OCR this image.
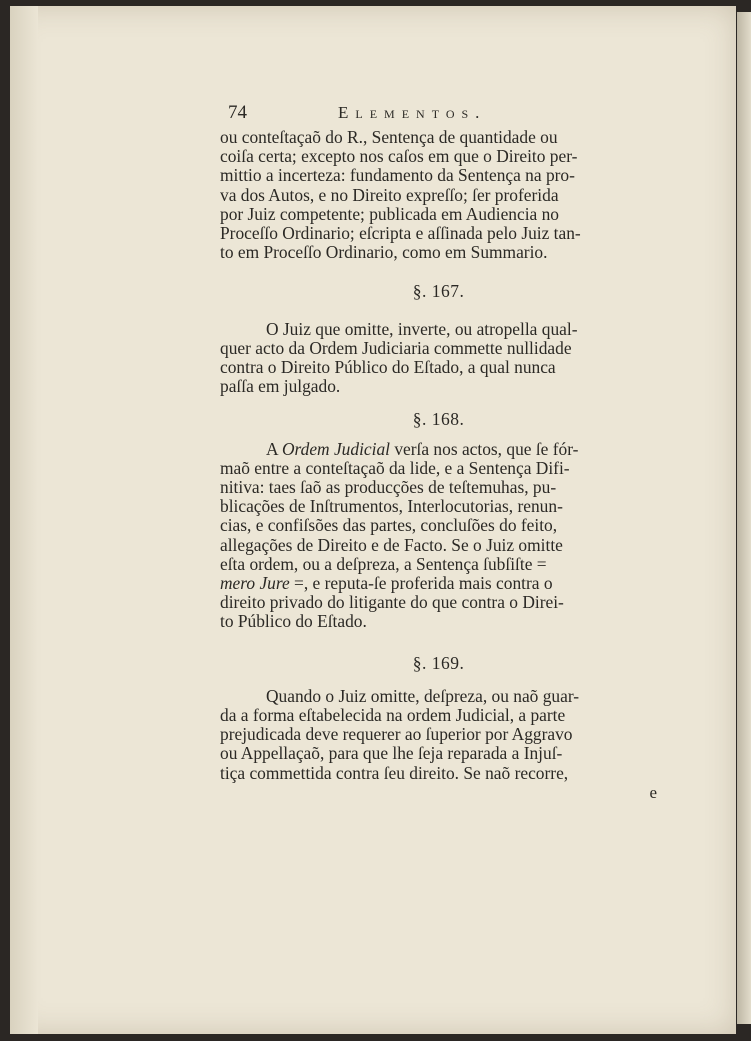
74	Elementos.

ou conteſtaçaõ do R., Sentença de quantidade ou

coiſa certa; excepto nos caſos em que o Direito per-

mittio a incerteza: fundamento da Sentença na pro-

va dos Autos, e no Direito expreſſo; ſer proferida

por Juiz competente; publicada em Audiencia no

Proceſſo Ordinario; eſcripta e aſſinada pelo Juiz tan-

to em Proceſſo Ordinario, como em Summario.

§. 167.

O Juiz que omitte, inverte, ou atropella qual-

quer acto da Ordem Judiciaria commette nullidade

contra o Direito Público do Eſtado, a qual nunca

paſſa em julgado.

§. 168.

A Ordem Judicial verſa nos actos, que ſe fór-

maõ entre a conteſtaçaõ da lide, e a Sentença Difi-

nitiva: taes ſaõ as producções de teſtemuhas, pu-

blicações de Inſtrumentos, Interlocutorias, renun-

cias, e confiſsões das partes, concluſões do feito,

allegações de Direito e de Facto. Se o Juiz omitte

eſta ordem, ou a deſpreza, a Sentença ſubſiſte =

mero Jure =, e reputa-ſe proferida mais contra o

direito privado do litigante do que contra o Direi-

to Público do Eſtado.

§. 169.

Quando o Juiz omitte, deſpreza, ou naõ guar-

da a forma eſtabelecida na ordem Judicial, a parte

prejudicada deve requerer ao ſuperior por Aggravo

ou Appellaçaõ, para que lhe ſeja reparada a Injuſ-

tiça commettida contra ſeu direito. Se naõ recorre,

e
